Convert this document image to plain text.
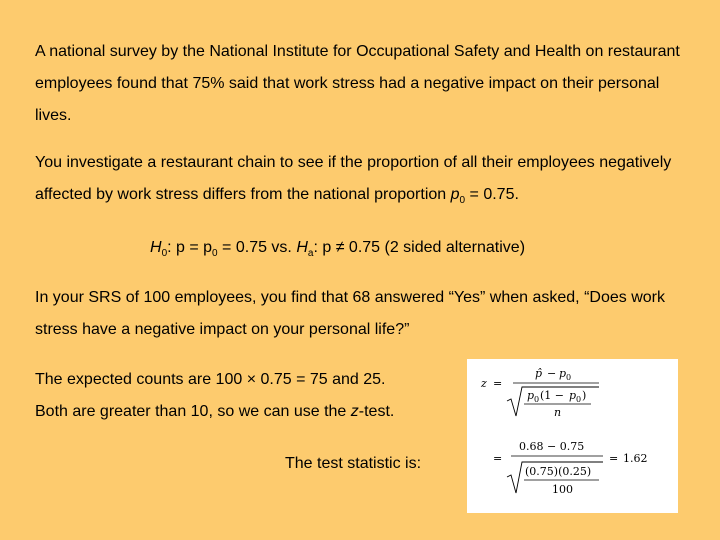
A national survey by the National Institute for Occupational Safety and Health on restaurant employees found that 75% said that work stress had a negative impact on their personal lives.

You investigate a restaurant chain to see if the proportion of all their employees negatively affected by work stress differs from the national proportion $p_0 = 0.75$.

$H_0$: $p = p_0 = 0.75$ vs. $H_a$: p ≠ 0.75 (2 sided alternative)

In your SRS of 100 employees, you find that 68 answered “Yes” when asked, “Does work stress have a negative impact on your personal life?”

The expected counts are 100 × 0.75 = 75 and 25.
Both are greater than 10, so we can use the z-test.
The test statistic is:
z =
p̂ − p 0
p 0 (1 − p 0 )
n
=
0.68 − 0.75
(0.75)(0.25)
100
= 1.62
